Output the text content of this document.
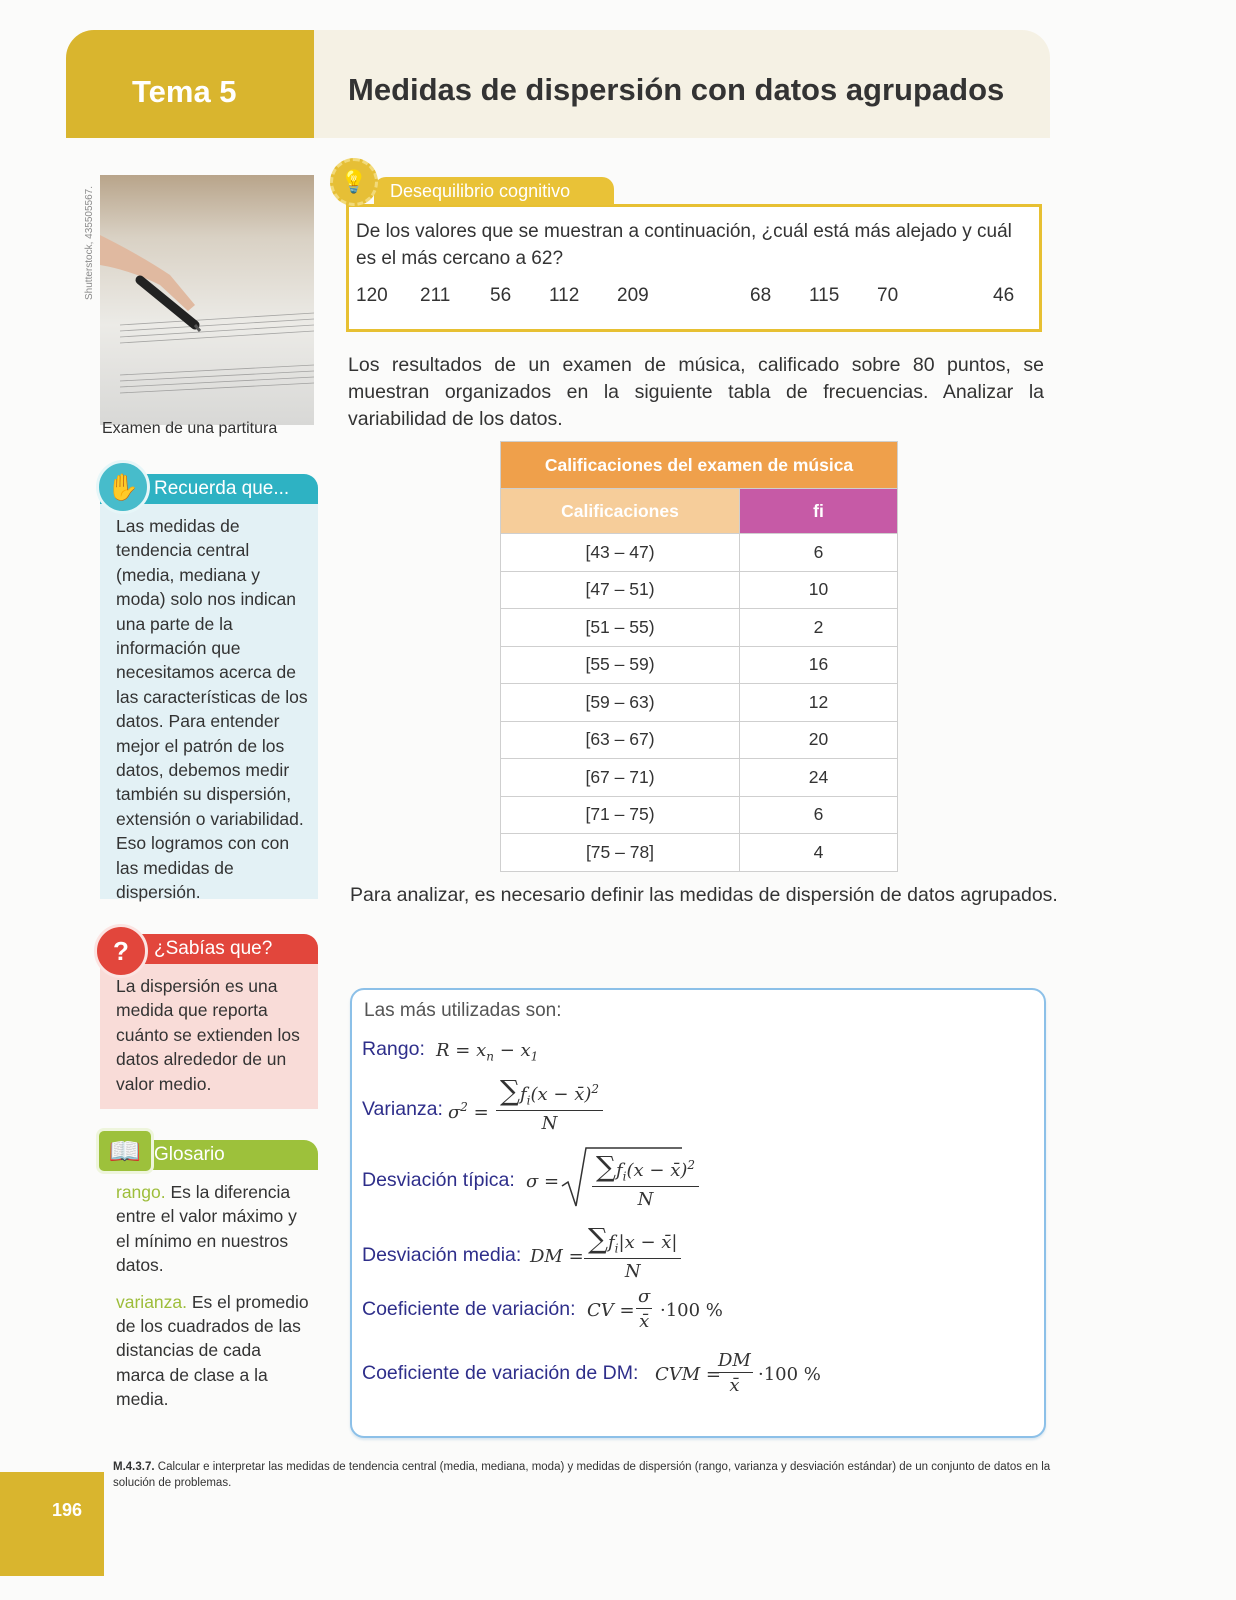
Tema 5	Medidas de dispersión con datos agrupados
Shutterstock, 435505567.
Examen de una partitura
Recuerda que...
✋
Las medidas de tendencia central (media, mediana y moda) solo nos indican una parte de la información que necesitamos acerca de las características de los datos. Para entender mejor el patrón de los datos, debemos medir también su dispersión, extensión o variabilidad. Eso logramos con con las medidas de dispersión.
¿Sabías que?
?
La dispersión es una medida que reporta cuánto se extienden los datos alrededor de un valor medio.
Glosario
📖
rango. Es la diferencia entre el valor máximo y el mínimo en nuestros datos.
varianza. Es el promedio de los cuadrados de las distancias de cada marca de clase a la media.
Desequilibrio cognitivo
💡
De los valores que se muestran a continuación, ¿cuál está más alejado y cuál es el más cercano a 62?
120 211 56 112 209	68 115 70	46
Los resultados de un examen de música, calificado sobre 80 puntos, se muestran organizados en la siguiente tabla de frecuencias. Analizar la variabilidad de los datos.
Calificaciones del examen de música	
Calificaciones	fi
[43 – 47)	6
[47 – 51)	10
[51 – 55)	2
[55 – 59)	16
[59 – 63)	12
[63 – 67)	20
[67 – 71)	24
[71 – 75)	6
[75 – 78]	4
Para analizar, es necesario definir las medidas de dispersión de datos agrupados.
Las más utilizadas son:
Rango: $R = x_n - x_1$
Varianza: $\sigma^2 = \frac{\sum f_i(x - x̄)^2}{N}$
Desviación típica: $\sigma = \frac{\sum f_i(x - x̄)^2}{N}$
Desviación media: DM = $\frac{\sum f_i|x - x̄|}{N}$
Coeficiente de variación: CV = $\frac{\sigma}{x̄} \cdot 100$ %
Coeficiente de variación de DM: CVM =
$\frac{DM}{x̄} \cdot 100$ %
M.4.3.7. Calcular e interpretar las medidas de tendencia central (media, mediana, moda) y medidas de dispersión (rango, varianza y desviación estándar) de un conjunto de datos en la solución de problemas.
196
